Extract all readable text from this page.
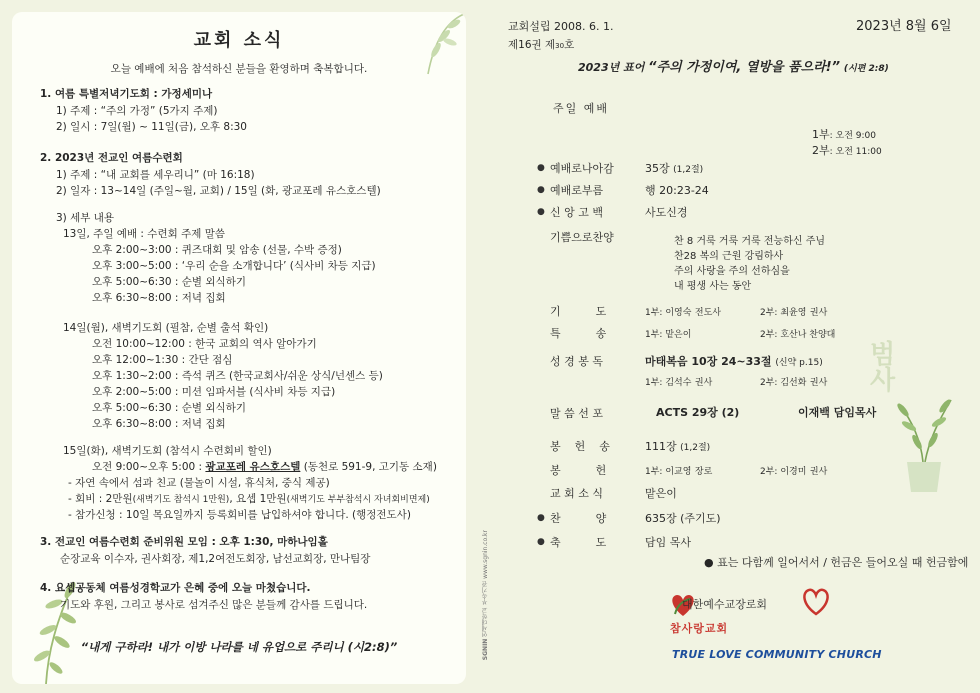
교회 소식
오늘 예배에 처음 참석하신 분들을 환영하며 축복합니다.
1. 여름 특별저녁기도회 : 가정세미나
1) 주제 : “주의 가정” (5가지 주제)
2) 일시 : 7일(월) ~ 11일(금), 오후 8:30
2. 2023년 전교인 여름수련회
1) 주제 : “내 교회를 세우리니” (마 16:18)
2) 일자 : 13~14일 (주일~월, 교회) / 15일 (화, 광교포레 유스호스텔)
3) 세부 내용
13일, 주일 예배 : 수련회 주제 말씀
오후 2:00~3:00 : 퀴즈대회 및 암송 (선물, 수박 증정)
오후 3:00~5:00 : ‘우리 순을 소개합니다’ (식사비 차등 지급)
오후 5:00~6:30 : 순별 외식하기
오후 6:30~8:00 : 저녁 집회
14일(월), 새벽기도회 (필참, 순별 출석 확인)
오전 10:00~12:00 : 한국 교회의 역사 알아가기
오후 12:00~1:30 : 간단 점심
오후 1:30~2:00 : 즉석 퀴즈 (한국교회사/쉬운 상식/넌센스 등)
오후 2:00~5:00 : 미션 임파서블 (식사비 차등 지급)
오후 5:00~6:30 : 순별 외식하기
오후 6:30~8:00 : 저녁 집회
15일(화), 새벽기도회 (참석시 수련회비 할인)
오전 9:00~오후 5:00 : 광교포레 유스호스텔 (동천로 591-9, 고기동 소재)
- 자연 속에서 섬과 친교 (물놀이 시설, 휴식처, 중식 제공)
- 회비 : 2만원(새벽기도 참석시 1만원), 요셉 1만원(새벽기도 부부참석시 자녀회비면제)
- 참가신청 : 10일 목요일까지 등록회비를 납입하셔야 합니다. (행정전도사)
3. 전교인 여름수련회 준비위원 모임 : 오후 1:30, 마하나임홀
순장교육 이수자, 권사회장, 제1,2여전도회장, 남선교회장, 만나팀장
4. 요셉공동체 여름성경학교가 은혜 중에 오늘 마쳤습니다.
기도와 후원, 그리고 봉사로 섬겨주신 많은 분들께 감사를 드립니다.
“내게 구하라! 내가 이방 나라를 네 유업으로 주리니 (시2:8)”	SGNIN 연세대학교 부속기관 www.sgnin.co.kr
교회설립 2008. 6. 1.
제16권 제30호
2023년 8월 6일
2023년 표어 “주의 가정이여, 열방을 품으라!” (시편 2:8)
주일 예배
1부: 오전 9:00
2부: 오전 11:00
범사
● 예배로나아감	35장 (1,2절)
● 예배로부름	행 20:23-24
● 신 앙 고 백	사도신경
기쁨으로찬양	찬 8 거룩 거룩 거룩 전능하신 주님
찬28 복의 근원 강림하사
주의 사랑을 주의 선하심을
내 평생 사는 동안
기          도	1부: 이영숙 전도사	2부: 최윤영 권사
특          송	1부: 맡은이	2부: 호산나 찬양대
성 경 봉 독	마태복음 10장 24~33절 (신약 p.15)
1부: 김석수 권사	2부: 김선화 권사
말 씀 선 포	ACTS 29장 (2)	이재백 담임목사
봉    헌    송	111장 (1,2절)
봉          헌	1부: 이교영 장로	2부: 이경미 권사
교 회 소 식	맡은이
● 찬          양	635장 (주기도)
● 축          도	담임 목사
● 표는 다함께 일어서서 / 헌금은 들어오실 때 헌금함에
대한예수교장로회
참사랑교회
TRUE LOVE COMMUNITY CHURCH
